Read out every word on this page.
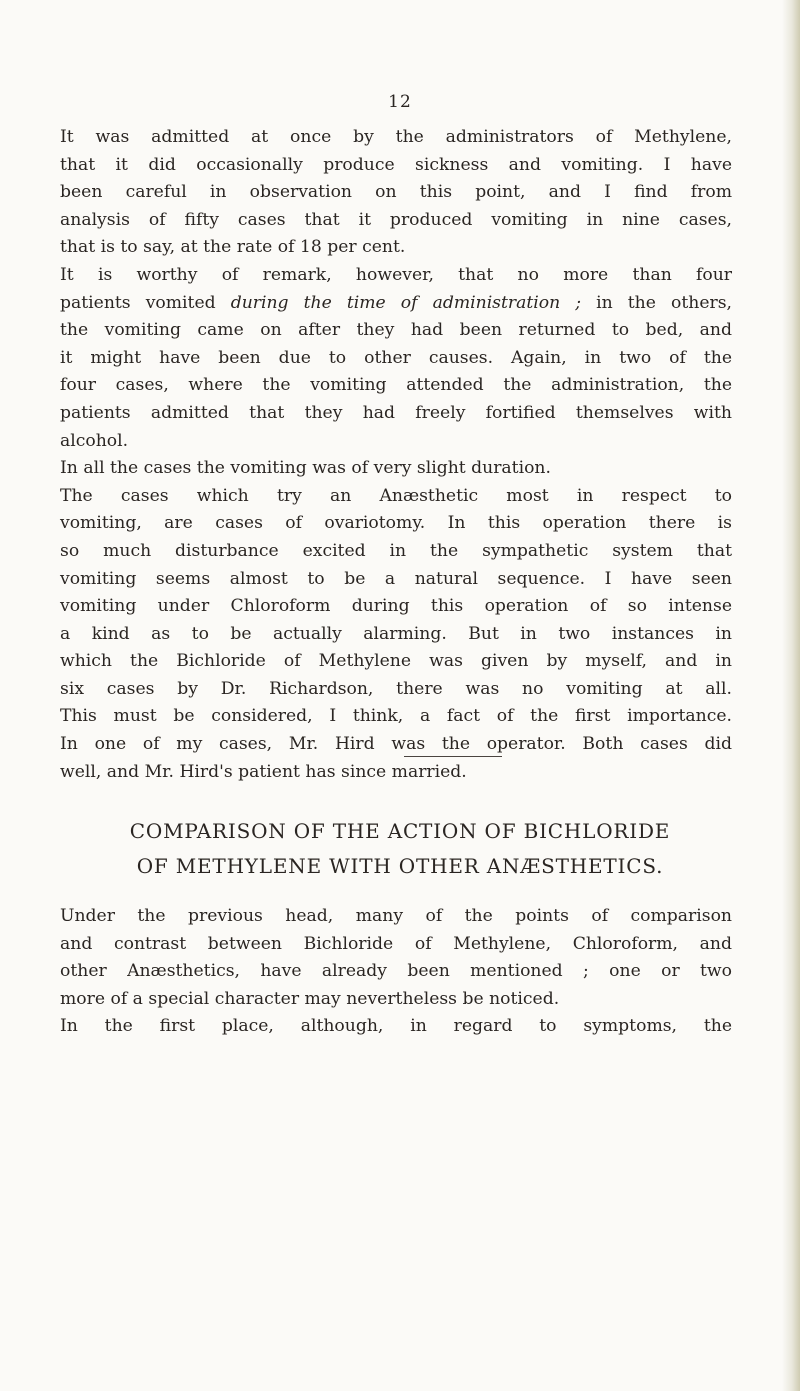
12
It was admitted at once by the administrators of Methylene,
that it did occasionally produce sickness and vomiting. I have
been careful in observation on this point, and I find from
analysis of fifty cases that it produced vomiting in nine cases,
that is to say, at the rate of 18 per cent.
It is worthy of remark, however, that no more than four
patients vomited during the time of administration ; in the others,
the vomiting came on after they had been returned to bed, and
it might have been due to other causes. Again, in two of the
four cases, where the vomiting attended the administration, the
patients admitted that they had freely fortified themselves with
alcohol.
In all the cases the vomiting was of very slight duration.
The cases which try an Anæsthetic most in respect to
vomiting, are cases of ovariotomy. In this operation there is
so much disturbance excited in the sympathetic system that
vomiting seems almost to be a natural sequence. I have seen
vomiting under Chloroform during this operation of so intense
a kind as to be actually alarming. But in two instances in
which the Bichloride of Methylene was given by myself, and in
six cases by Dr. Richardson, there was no vomiting at all.
This must be considered, I think, a fact of the first importance.
In one of my cases, Mr. Hird was the operator. Both cases did
well, and Mr. Hird's patient has since married.
COMPARISON OF THE ACTION OF BICHLORIDE
OF METHYLENE WITH OTHER ANÆSTHETICS.
Under the previous head, many of the points of comparison
and contrast between Bichloride of Methylene, Chloroform, and
other Anæsthetics, have already been mentioned ; one or two
more of a special character may nevertheless be noticed.
In the first place, although, in regard to symptoms, the
